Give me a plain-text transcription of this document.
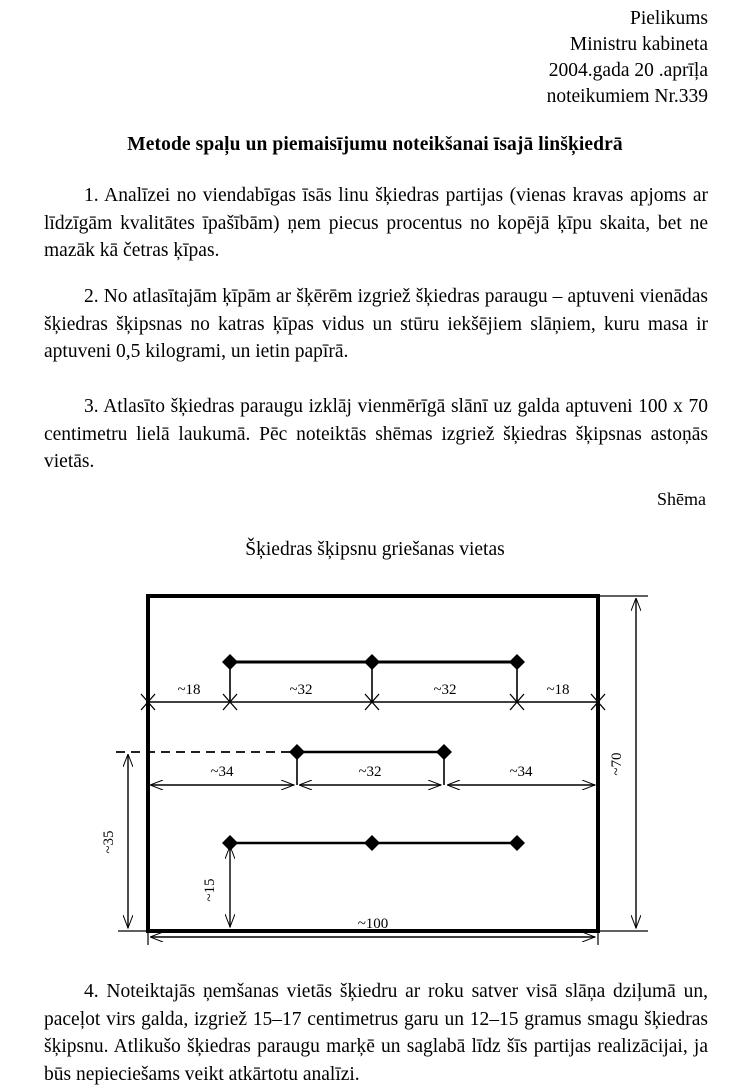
Pielikums
Ministru kabineta
2004.gada 20 .aprīļa
noteikumiem Nr.339
Metode spaļu un piemaisījumu noteikšanai īsajā linšķiedrā
1. Analīzei no viendabīgas īsās linu šķiedras partijas (vienas kravas apjoms ar līdzīgām kvalitātes īpašībām) ņem piecus procentus no kopējā ķīpu skaita, bet ne mazāk kā četras ķīpas.
2. No atlasītajām ķīpām ar šķērēm izgriež šķiedras paraugu – aptuveni vienādas šķiedras šķipsnas no katras ķīpas vidus un stūru iekšējiem slāņiem, kuru masa ir aptuveni 0,5 kilogrami, un ietin papīrā.
3. Atlasīto šķiedras paraugu izklāj vienmērīgā slānī uz galda aptuveni 100 x 70 centimetru lielā laukumā. Pēc noteiktās shēmas izgriež šķiedras šķipsnas astoņās vietās.
Shēma
Šķiedras šķipsnu griešanas vietas
~18	~32	~32	~18
~34	~32	~34
~15
~35
~70
~100
4. Noteiktajās ņemšanas vietās šķiedru ar roku satver visā slāņa dziļumā un, paceļot virs galda, izgriež 15–17 centimetrus garu un 12–15 gramus smagu šķiedras šķipsnu. Atlikušo šķiedras paraugu marķē un saglabā līdz šīs partijas realizācijai, ja būs nepieciešams veikt atkārtotu analīzi.
